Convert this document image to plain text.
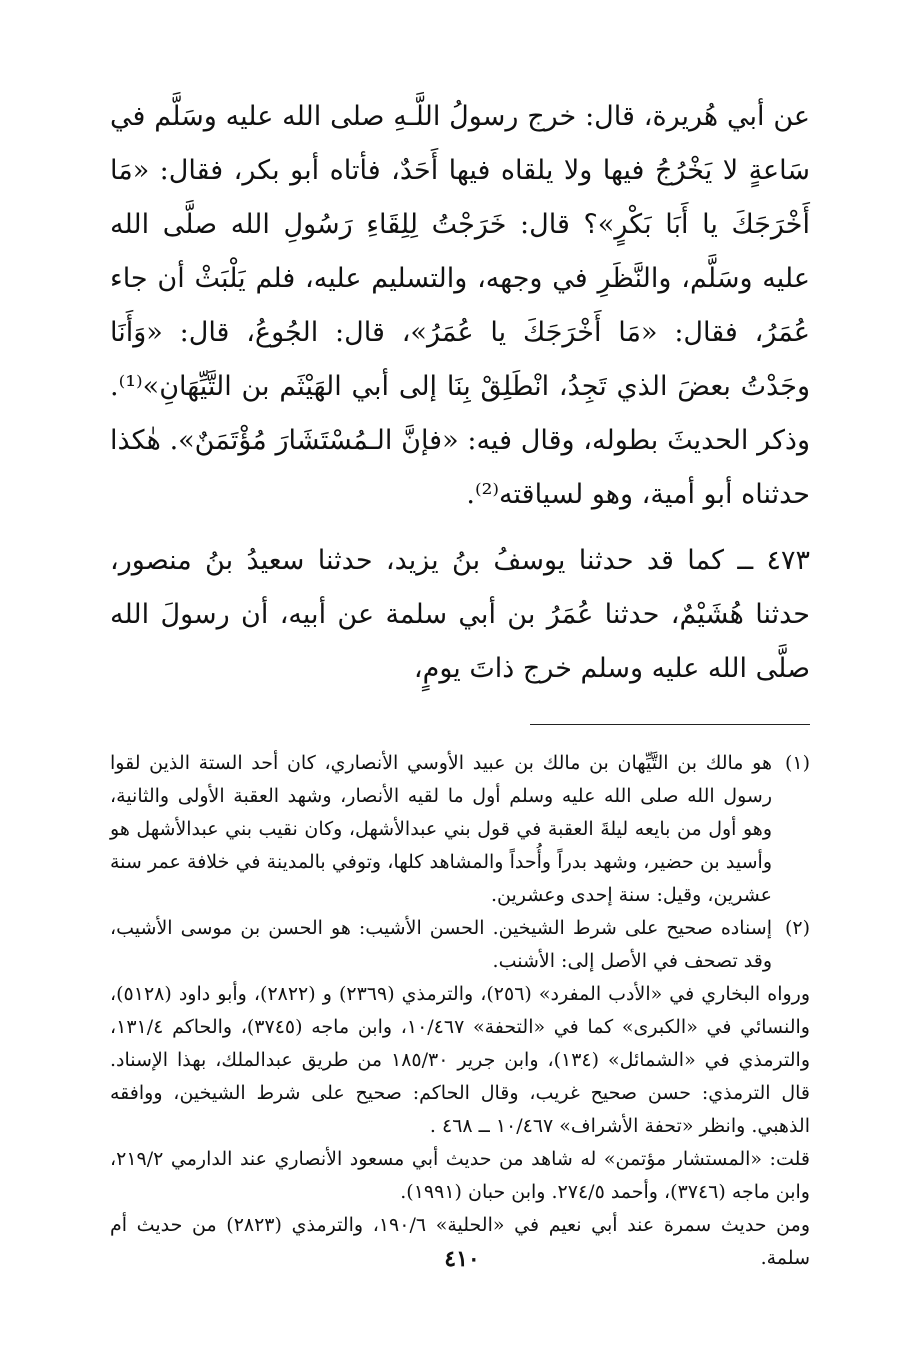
عن أبي هُريرة، قال: خرج رسولُ اللَّـهِ صلى الله عليه وسَلَّم في سَاعةٍ لا يَخْرُجُ فيها ولا يلقاه فيها أَحَدٌ، فأتاه أبو بكر، فقال: «مَا أَخْرَجَكَ يا أَبَا بَكْرٍ»؟ قال: خَرَجْتُ لِلِقَاءِ رَسُولِ الله صلَّى الله عليه وسَلَّم، والنَّظَرِ في وجهه، والتسليم عليه، فلم يَلْبَثْ أن جاء عُمَرُ، فقال: «مَا أَخْرَجَكَ يا عُمَرُ»، قال: الجُوعُ، قال: «وَأَنَا وجَدْتُ بعضَ الذي تَجِدُ، انْطَلِقْ بِنَا إلى أبي الهَيْثَم بن التَّيِّهَانِ»⁽¹⁾. وذكر الحديثَ بطوله، وقال فيه: «فإنَّ الـمُسْتَشَارَ مُؤْتَمَنٌ». هٰكذا حدثناه أبو أمية، وهو لسياقته⁽²⁾.
٤٧٣ ــ كما قد حدثنا يوسفُ بنُ يزيد، حدثنا سعيدُ بنُ منصور، حدثنا هُشَيْمٌ، حدثنا عُمَرُ بن أبي سلمة عن أبيه، أن رسولَ الله صلَّى الله عليه وسلم خرج ذاتَ يومٍ،
(١)
هو مالك بن التَّيِّهان بن مالك بن عبيد الأوسي الأنصاري، كان أحد الستة الذين لقوا رسول الله صلى الله عليه وسلم أول ما لقيه الأنصار، وشهد العقبة الأولى والثانية، وهو أول من بايعه ليلةَ العقبة في قول بني عبدالأشهل، وكان نقيب بني عبدالأشهل هو وأسيد بن حضير، وشهد بدراً وأُحداً والمشاهد كلها، وتوفي بالمدينة في خلافة عمر سنة عشرين، وقيل: سنة إحدى وعشرين.
(٢)
إسناده صحيح على شرط الشيخين. الحسن الأشيب: هو الحسن بن موسى الأشيب، وقد تصحف في الأصل إلى: الأشنب.

ورواه البخاري في «الأدب المفرد» (٢٥٦)، والترمذي (٢٣٦٩) و (٢٨٢٢)، وأبو داود (٥١٢٨)، والنسائي في «الكبرى» كما في «التحفة» ١٠/٤٦٧، وابن ماجه (٣٧٤٥)، والحاكم ١٣١/٤، والترمذي في «الشمائل» (١٣٤)، وابن جرير ١٨٥/٣٠ من طريق عبدالملك، بهذا الإسناد. قال الترمذي: حسن صحيح غريب، وقال الحاكم: صحيح على شرط الشيخين، ووافقه الذهبي. وانظر «تحفة الأشراف» ١٠/٤٦٧ ــ ٤٦٨ .

قلت: «المستشار مؤتمن» له شاهد من حديث أبي مسعود الأنصاري عند الدارمي ٢١٩/٢، وابن ماجه (٣٧٤٦)، وأحمد ٢٧٤/٥. وابن حبان (١٩٩١).

ومن حديث سمرة عند أبي نعيم في «الحلية» ١٩٠/٦، والترمذي (٢٨٢٣) من حديث أم سلمة.

٤١٠
